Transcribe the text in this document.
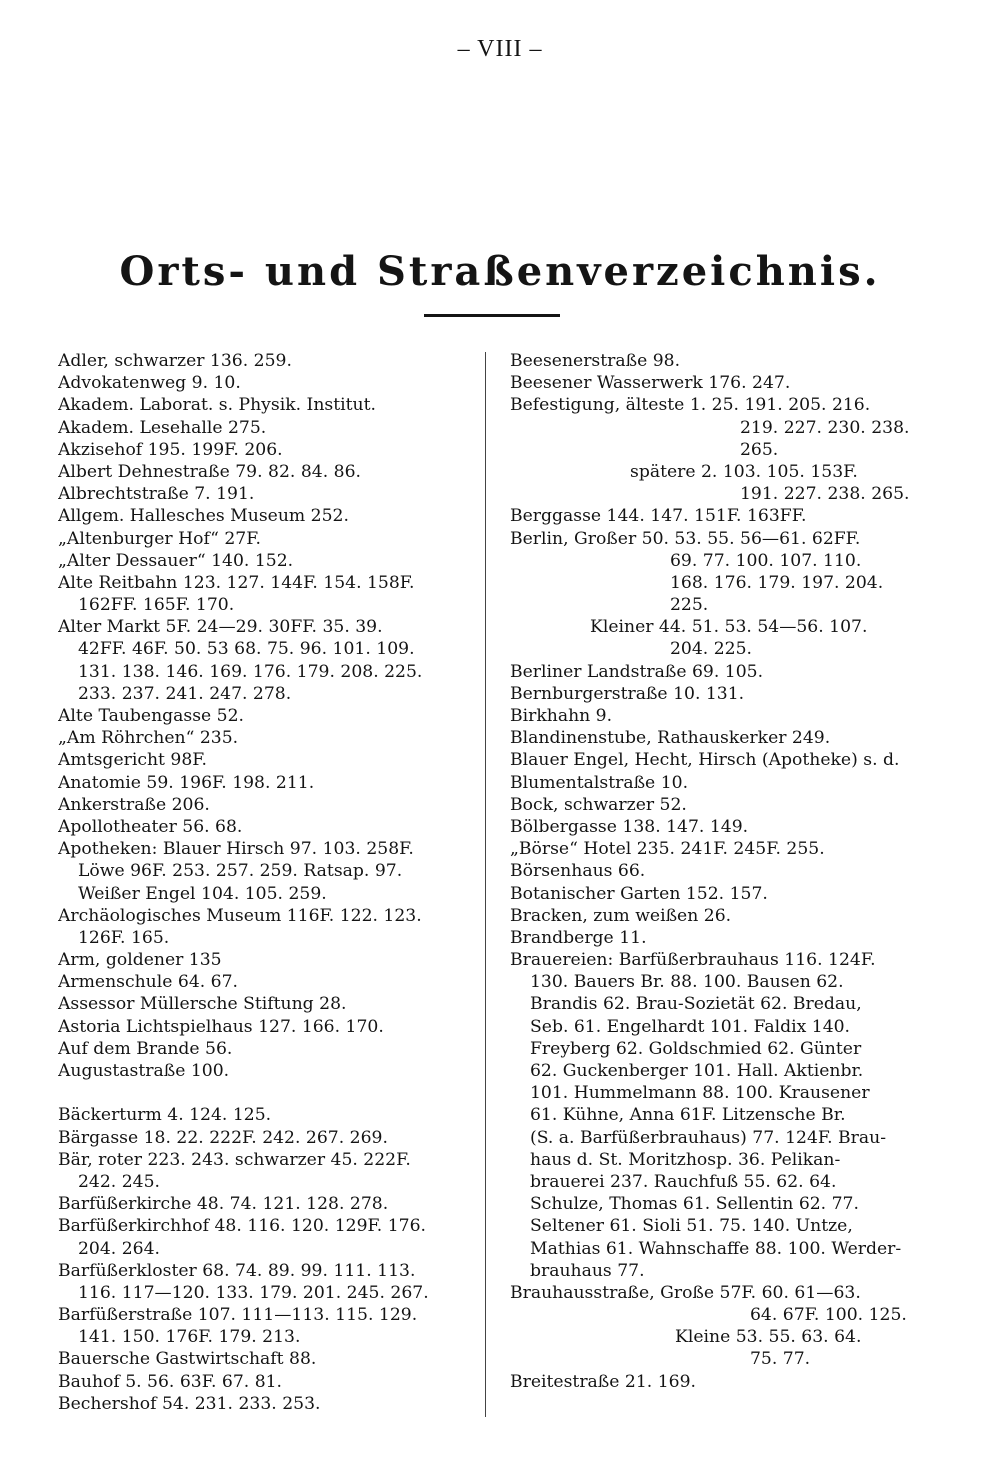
– VIII –
Orts- und Straßenverzeichnis.
Adler, schwarzer 136. 259.
Advokatenweg 9. 10.
Akadem. Laborat. s. Physik. Institut.
Akadem. Lesehalle 275.
Akzisehof 195. 199F. 206.
Albert Dehnestraße 79. 82. 84. 86.
Albrechtstraße 7. 191.
Allgem. Hallesches Museum 252.
„Altenburger Hof“ 27F.
„Alter Dessauer“ 140. 152.
Alte Reitbahn 123. 127. 144F. 154. 158F.
162FF. 165F. 170.
Alter Markt 5F. 24—29. 30FF. 35. 39.
42FF. 46F. 50. 53 68. 75. 96. 101. 109.
131. 138. 146. 169. 176. 179. 208. 225.
233. 237. 241. 247. 278.
Alte Taubengasse 52.
„Am Röhrchen“ 235.
Amtsgericht 98F.
Anatomie 59. 196F. 198. 211.
Ankerstraße 206.
Apollotheater 56. 68.
Apotheken: Blauer Hirsch 97. 103. 258F.
Löwe 96F. 253. 257. 259. Ratsap. 97.
Weißer Engel 104. 105. 259.
Archäologisches Museum 116F. 122. 123.
126F. 165.
Arm, goldener 135
Armenschule 64. 67.
Assessor Müllersche Stiftung 28.
Astoria Lichtspielhaus 127. 166. 170.
Auf dem Brande 56.
Augustastraße 100.
Bäckerturm 4. 124. 125.
Bärgasse 18. 22. 222F. 242. 267. 269.
Bär, roter 223. 243. schwarzer 45. 222F.
242. 245.
Barfüßerkirche 48. 74. 121. 128. 278.
Barfüßerkirchhof 48. 116. 120. 129F. 176.
204. 264.
Barfüßerkloster 68. 74. 89. 99. 111. 113.
116. 117—120. 133. 179. 201. 245. 267.
Barfüßerstraße 107. 111—113. 115. 129.
141. 150. 176F. 179. 213.
Bauersche Gastwirtschaft 88.
Bauhof 5. 56. 63F. 67. 81.
Bechershof 54. 231. 233. 253.
Beesenerstraße 98.
Beesener Wasserwerk 176. 247.
Befestigung, älteste 1. 25. 191. 205. 216.
219. 227. 230. 238.
265.
spätere 2. 103. 105. 153F.
191. 227. 238. 265.
Berggasse 144. 147. 151F. 163FF.
Berlin, Großer 50. 53. 55. 56—61. 62FF.
69. 77. 100. 107. 110.
168. 176. 179. 197. 204.
225.
Kleiner 44. 51. 53. 54—56. 107.
204. 225.
Berliner Landstraße 69. 105.
Bernburgerstraße 10. 131.
Birkhahn 9.
Blandinenstube, Rathauskerker 249.
Blauer Engel, Hecht, Hirsch (Apotheke) s. d.
Blumentalstraße 10.
Bock, schwarzer 52.
Bölbergasse 138. 147. 149.
„Börse“ Hotel 235. 241F. 245F. 255.
Börsenhaus 66.
Botanischer Garten 152. 157.
Bracken, zum weißen 26.
Brandberge 11.
Brauereien: Barfüßerbrauhaus 116. 124F.
130. Bauers Br. 88. 100. Bausen 62.
Brandis 62. Brau-Sozietät 62. Bredau,
Seb. 61. Engelhardt 101. Faldix 140.
Freyberg 62. Goldschmied 62. Günter
62. Guckenberger 101. Hall. Aktienbr.
101. Hummelmann 88. 100. Krausener
61. Kühne, Anna 61F. Litzensche Br.
(S. a. Barfüßerbrauhaus) 77. 124F. Brau-
haus d. St. Moritzhosp. 36. Pelikan-
brauerei 237. Rauchfuß 55. 62. 64.
Schulze, Thomas 61. Sellentin 62. 77.
Seltener 61. Sioli 51. 75. 140. Untze,
Mathias 61. Wahnschaffe 88. 100. Werder-
brauhaus 77.
Brauhausstraße, Große 57F. 60. 61—63.
64. 67F. 100. 125.
Kleine 53. 55. 63. 64.
75. 77.
Breitestraße 21. 169.
